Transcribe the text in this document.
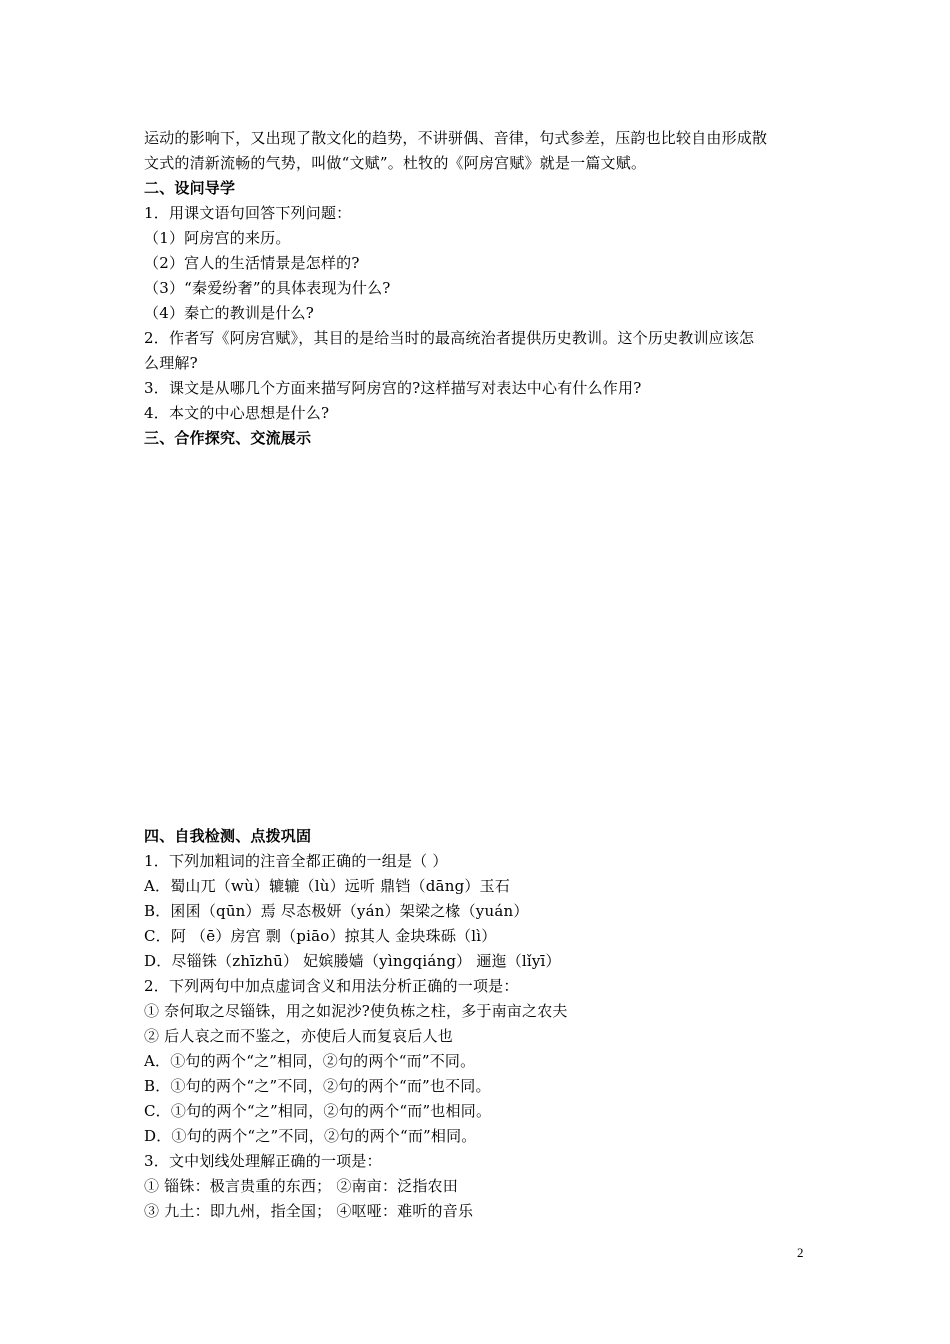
运动的影响下，又出现了散文化的趋势，不讲骈偶、音律，句式参差，压韵也比较自由形成散
文式的清新流畅的气势，叫做“文赋”。杜牧的《阿房宫赋》就是一篇文赋。
二、设问导学
1．用课文语句回答下列问题：
（1）阿房宫的来历。
（2）宫人的生活情景是怎样的?
（3）“秦爱纷奢”的具体表现为什么?
（4）秦亡的教训是什么?
2．作者写《阿房宫赋》，其目的是给当时的最高统治者提供历史教训。这个历史教训应该怎
么理解?
3．课文是从哪几个方面来描写阿房宫的?这样描写对表达中心有什么作用?
4．本文的中心思想是什么?
三、合作探究、交流展示
四、自我检测、点拨巩固
1．下列加粗词的注音全都正确的一组是（ ）
A．蜀山兀（wù）辘辘（lù）远听 鼎铛（dāng）玉石
B．囷囷（qūn）焉 尽态极妍（yán）架梁之椽（yuán）
C．阿 （ē）房宫 剽（piāo）掠其人 金块珠砾（lì）
D．尽锱铢（zhīzhū） 妃嫔媵嫱（yìngqiáng） 逦迤（lǐyī）
2．下列两句中加点虚词含义和用法分析正确的一项是：
① 奈何取之尽锱铢，用之如泥沙?使负栋之柱，多于南亩之农夫
② 后人哀之而不鉴之，亦使后人而复哀后人也
A．①句的两个“之”相同，②句的两个“而”不同。
B．①句的两个“之”不同，②句的两个“而”也不同。
C．①句的两个“之”相同，②句的两个“而”也相同。
D．①句的两个“之”不同，②句的两个“而”相同。
3．文中划线处理解正确的一项是：
① 锱铢：极言贵重的东西； ②南亩：泛指农田
③ 九土：即九州，指全国； ④呕哑：难听的音乐
2
